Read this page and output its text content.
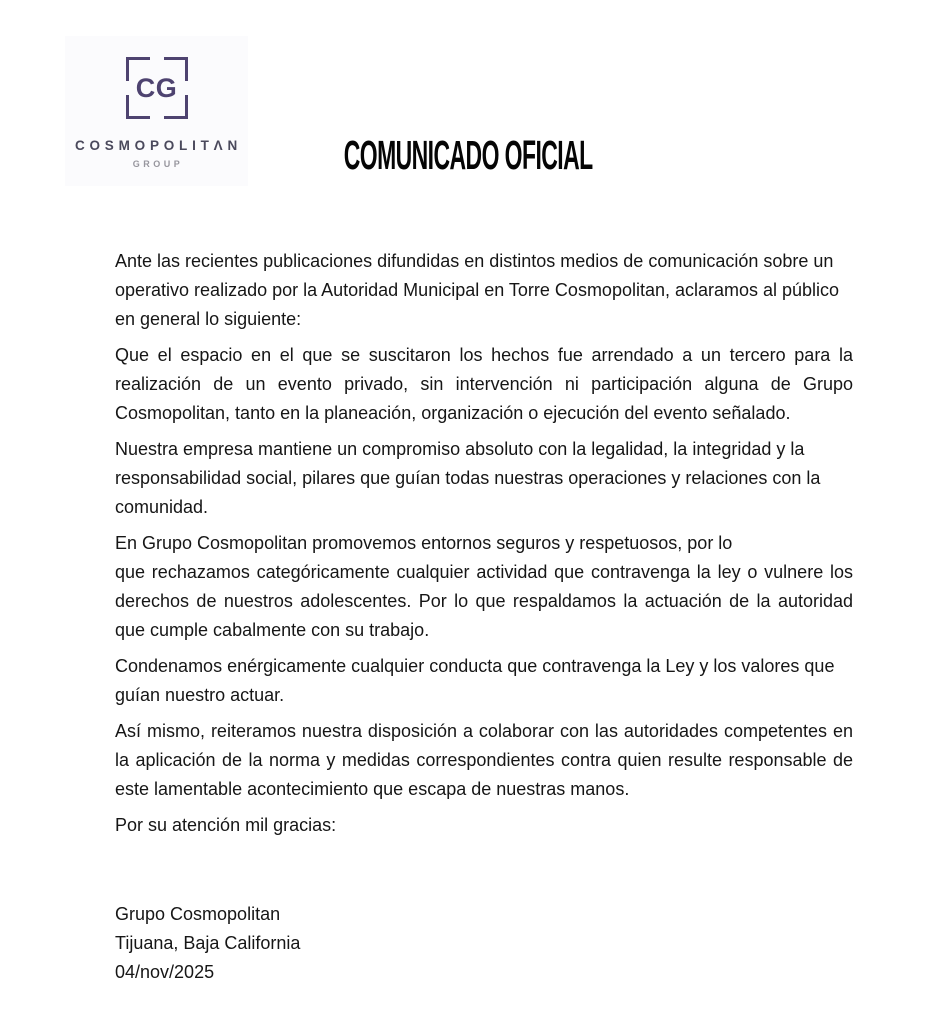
CG
COSMOPOLITΛN
GROUP	COMUNICADO OFICIAL
Ante las recientes publicaciones difundidas en distintos medios de comunicación sobre un
operativo realizado por la Autoridad Municipal en Torre Cosmopolitan, aclaramos al público
en general lo siguiente:
Que el espacio en el que se suscitaron los hechos fue arrendado a un tercero para la
realización de un evento privado, sin intervención ni participación alguna de Grupo
Cosmopolitan, tanto en la planeación, organización o ejecución del evento señalado.
Nuestra empresa mantiene un compromiso absoluto con la legalidad, la integridad y la
responsabilidad social, pilares que guían todas nuestras operaciones y relaciones con la
comunidad.
En Grupo Cosmopolitan promovemos entornos seguros y respetuosos, por lo
que rechazamos categóricamente cualquier actividad que contravenga la ley o vulnere los
derechos de nuestros adolescentes. Por lo que respaldamos la actuación de la autoridad
que cumple cabalmente con su trabajo.
Condenamos enérgicamente cualquier conducta que contravenga la Ley y los valores que
guían nuestro actuar.
Así mismo, reiteramos nuestra disposición a colaborar con las autoridades competentes en
la aplicación de la norma y medidas correspondientes contra quien resulte responsable de
este lamentable acontecimiento que escapa de nuestras manos.
Por su atención mil gracias:
Grupo Cosmopolitan
Tijuana, Baja California
04/nov/2025
